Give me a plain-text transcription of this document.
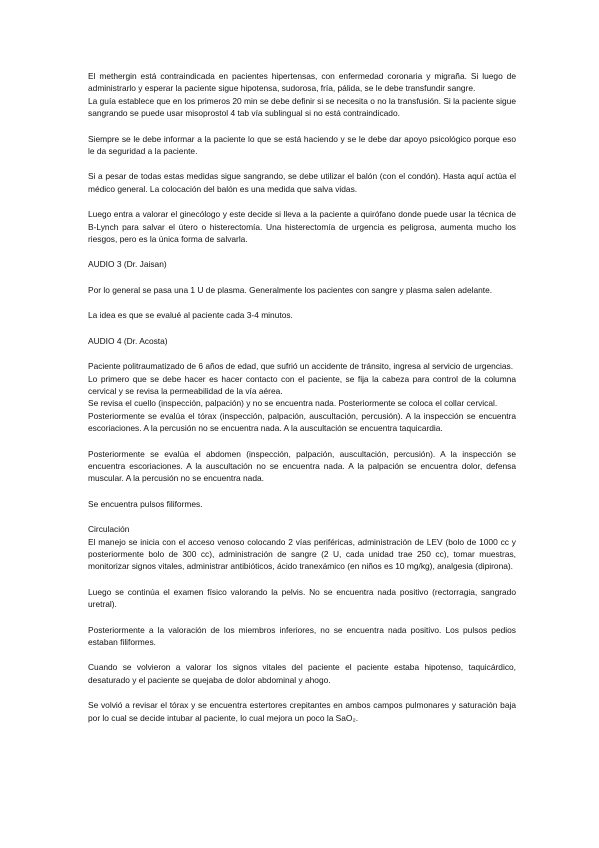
El methergin está contraindicada en pacientes hipertensas, con enfermedad coronaria y migraña. Si luego de administrarlo y esperar la paciente sigue hipotensa, sudorosa, fría, pálida, se le debe transfundir sangre.
La guía establece que en los primeros 20 min se debe definir si se necesita o no la transfusión. Si la paciente sigue sangrando se puede usar misoprostol 4 tab vía sublingual si no está contraindicado.
Siempre se le debe informar a la paciente lo que se está haciendo y se le debe dar apoyo psicológico porque eso le da seguridad a la paciente.
Si a pesar de todas estas medidas sigue sangrando, se debe utilizar el balón (con el condón). Hasta aquí actúa el médico general. La colocación del balón es una medida que salva vidas.
Luego entra a valorar el ginecólogo y este decide si lleva a la paciente a quirófano donde puede usar la técnica de B-Lynch para salvar el útero o histerectomía. Una histerectomía de urgencia es peligrosa, aumenta mucho los riesgos, pero es la única forma de salvarla.
AUDIO 3 (Dr. Jaisan)
Por lo general se pasa una 1 U de plasma. Generalmente los pacientes con sangre y plasma salen adelante.
La idea es que se evalué al paciente cada 3-4 minutos.
AUDIO 4 (Dr. Acosta)
Paciente politraumatizado de 6 años de edad, que sufrió un accidente de tránsito, ingresa al servicio de urgencias.
Lo primero que se debe hacer es hacer contacto con el paciente, se fija la cabeza para control de la columna cervical y se revisa la permeabilidad de la vía aérea.
Se revisa el cuello (inspección, palpación) y no se encuentra nada. Posteriormente se coloca el collar cervical.
Posteriormente se evalúa el tórax (inspección, palpación, auscultación, percusión). A la inspección se encuentra escoriaciones. A la percusión no se encuentra nada. A la auscultación se encuentra taquicardia.
Posteriormente se evalúa el abdomen (inspección, palpación, auscultación, percusión). A la inspección se encuentra escoriaciones. A la auscultación no se encuentra nada. A la palpación se encuentra dolor, defensa muscular. A la percusión no se encuentra nada.
Se encuentra pulsos filiformes.
Circulación
El manejo se inicia con el acceso venoso colocando 2 vías periféricas, administración de LEV (bolo de 1000 cc y posteriormente bolo de 300 cc), administración de sangre (2 U, cada unidad trae 250 cc), tomar muestras, monitorizar signos vitales, administrar antibióticos, ácido tranexámico (en niños es 10 mg/kg), analgesia (dipirona).
Luego se continúa el examen físico valorando la pelvis. No se encuentra nada positivo (rectorragia, sangrado uretral).
Posteriormente a la valoración de los miembros inferiores, no se encuentra nada positivo. Los pulsos pedios estaban filiformes.
Cuando se volvieron a valorar los signos vitales del paciente el paciente estaba hipotenso, taquicárdico, desaturado y el paciente se quejaba de dolor abdominal y ahogo.
Se volvió a revisar el tórax y se encuentra estertores crepitantes en ambos campos pulmonares y saturación baja por lo cual se decide intubar al paciente, lo cual mejora un poco la SaO₂.
